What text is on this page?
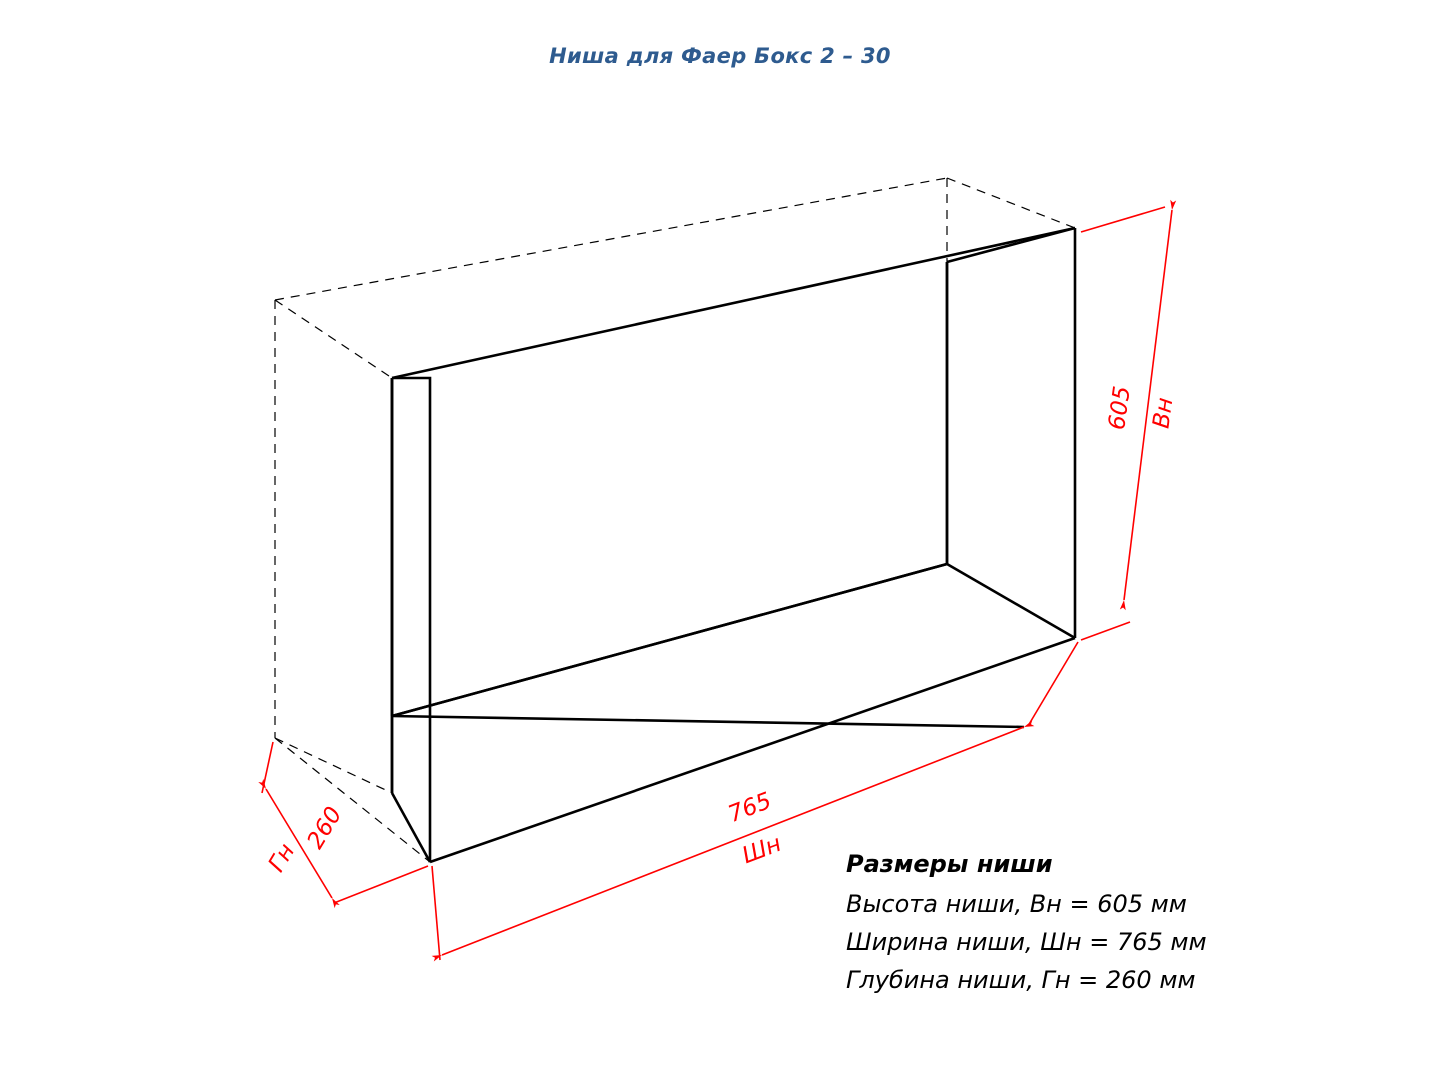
Ниша для Фаер Бокс 2 – 30
605 Вн
765
Шн
260
Гн	Размеры ниши
Высота ниши, Вн = 605 мм
Ширина ниши, Шн = 765 мм
Глубина ниши, Гн = 260 мм
